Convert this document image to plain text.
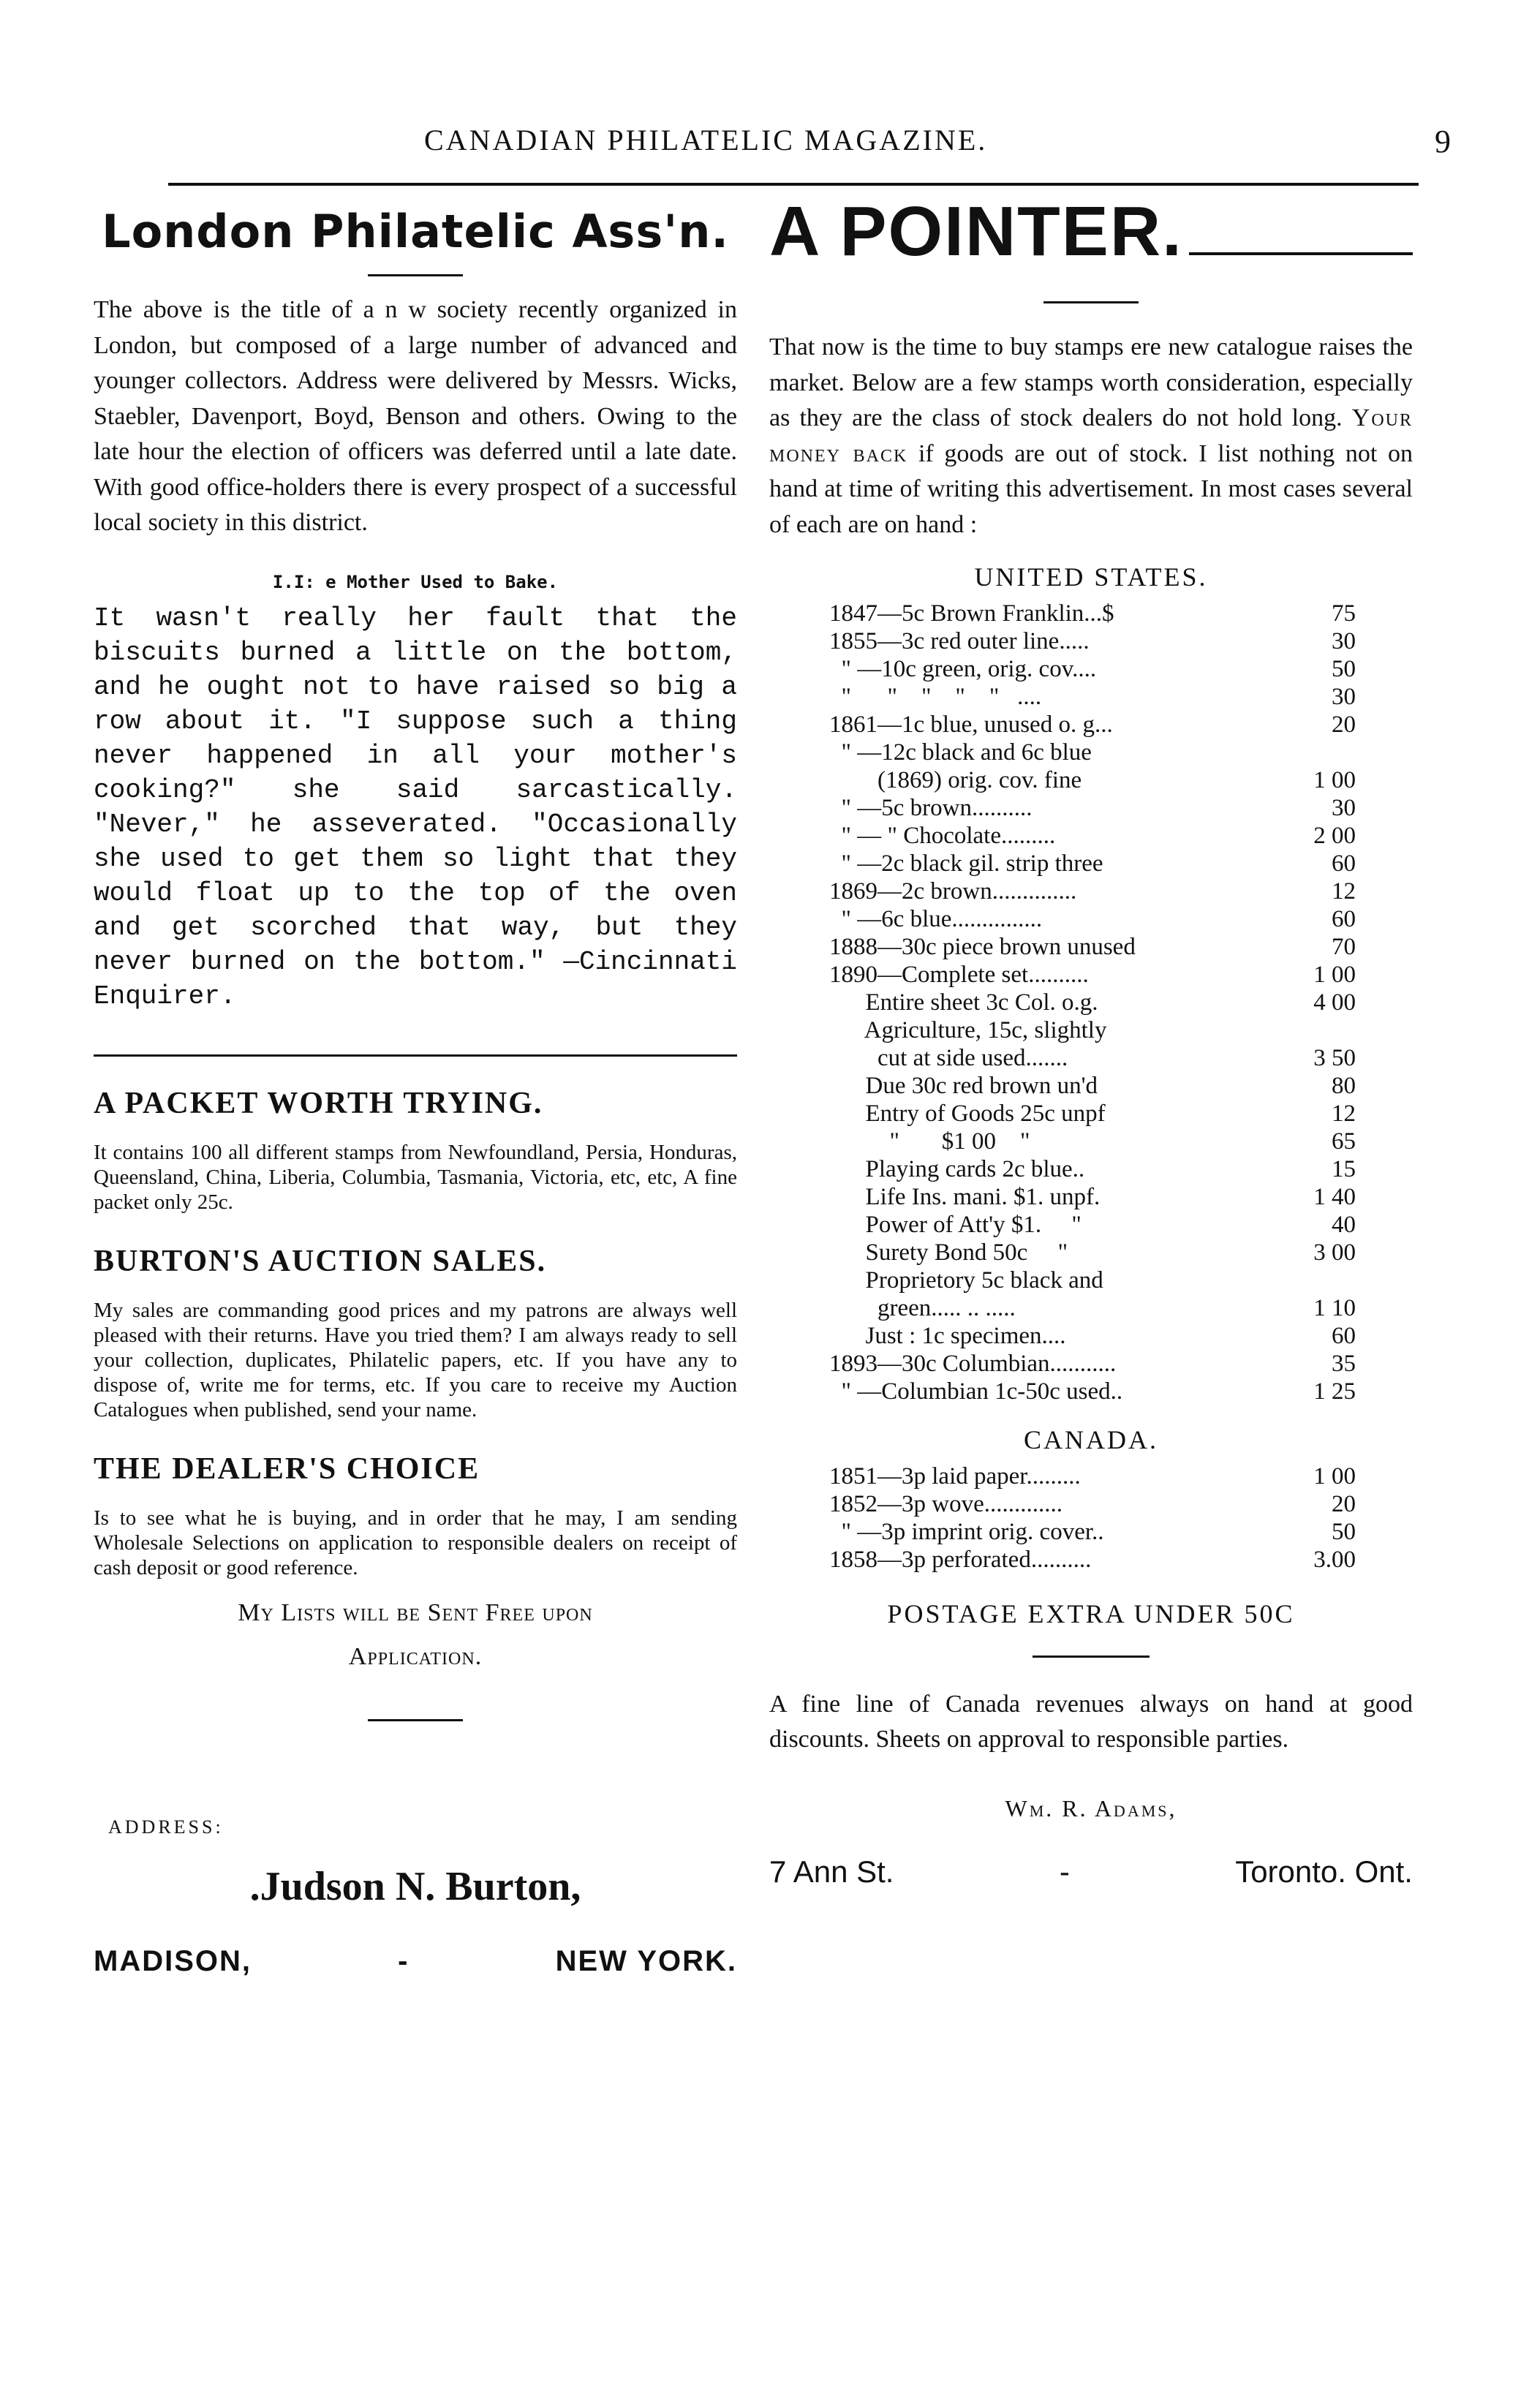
CANADIAN PHILATELIC MAGAZINE.	9
London Philatelic Ass'n.

The above is the title of a n w society recently organized in London, but composed of a large number of advanced and younger collectors. Address were delivered by Messrs. Wicks, Staebler, Davenport, Boyd, Benson and others. Owing to the late hour the election of officers was deferred until a late date. With good office-holders there is every prospect of a successful local society in this district.

I.I: e Mother Used to Bake.

It wasn't really her fault that the biscuits burned a little on the bottom, and he ought not to have raised so big a row about it. "I suppose such a thing never happened in all your mother's cooking?" she said sarcastically. "Never," he asseverated. "Occasionally she used to get them so light that they would float up to the top of the oven and get scorched that way, but they never burned on the bottom." —Cincinnati Enquirer.

A PACKET WORTH TRYING.

It contains 100 all different stamps from Newfoundland, Persia, Honduras, Queensland, China, Liberia, Columbia, Tasmania, Victoria, etc, etc, A fine packet only 25c.

BURTON'S AUCTION SALES.

My sales are commanding good prices and my patrons are always well pleased with their returns. Have you tried them? I am always ready to sell your collection, duplicates, Philatelic papers, etc. If you have any to dispose of, write me for terms, etc. If you care to receive my Auction Catalogues when published, send your name.

THE DEALER'S CHOICE

Is to see what he is buying, and in order that he may, I am sending Wholesale Selections on application to responsible dealers on receipt of cash deposit or good reference.

My Lists will be Sent Free upon
Application.
ADDRESS:
.Judson N. Burton,
MADISON,	-	NEW YORK.
A POINTER.

That now is the time to buy stamps ere new catalogue raises the market. Below are a few stamps worth consideration, especially as they are the class of stock dealers do not hold long. Your money back if goods are out of stock. I list nothing not on hand at time of writing this advertisement. In most cases several of each are on hand :

UNITED STATES.
1847—5c Brown Franklin...$	75
1855—3c red outer line.....	30
" —10c green, orig. cov....	50
"      "    "    "    "   ....	30
1861—1c blue, unused o. g...	20
" —12c black and 6c blue
(1869) orig. cov. fine	1 00
" —5c brown..........	30
" — " Chocolate.........	2 00
" —2c black gil. strip three	60
1869—2c brown..............	12
" —6c blue...............	60
1888—30c piece brown unused	70
1890—Complete set..........	1 00
Entire sheet 3c Col. o.g.	4 00
Agriculture, 15c, slightly
cut at side used.......	3 50
Due 30c red brown un'd	80
Entry of Goods 25c unpf	12
"       $1 00    "	65
Playing cards 2c blue..	15
Life Ins. mani. $1. unpf.	1 40
Power of Att'y $1.     "	40
Surety Bond 50c     "	3 00
Proprietory 5c black and
green..... .. .....	1 10
Just : 1c specimen....	60
1893—30c Columbian...........	35
" —Columbian 1c-50c used..	1 25
CANADA.
1851—3p laid paper.........	1 00
1852—3p wove.............	20
" —3p imprint orig. cover..	50
1858—3p perforated..........	3.00
POSTAGE EXTRA UNDER 50C

A fine line of Canada revenues always on hand at good discounts. Sheets on approval to responsible parties.

Wm. R. Adams,
7 Ann St.	-	Toronto. Ont.
